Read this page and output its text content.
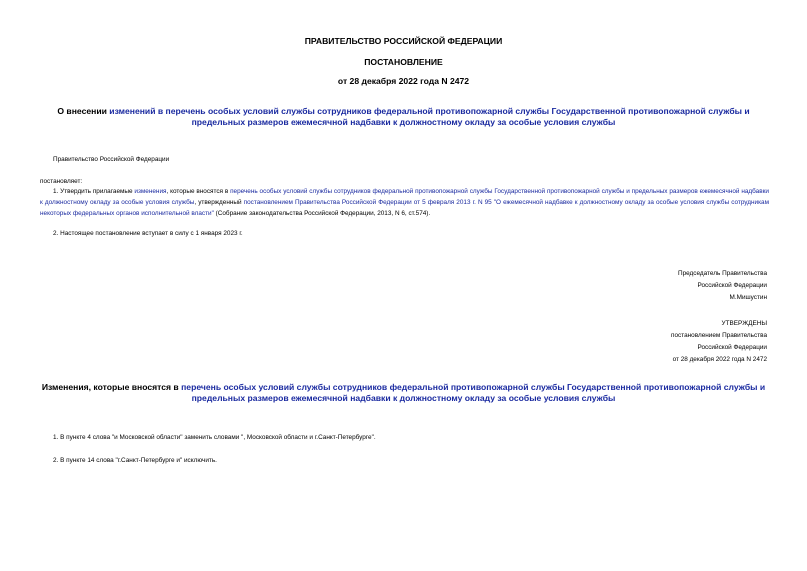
ПРАВИТЕЛЬСТВО РОССИЙСКОЙ ФЕДЕРАЦИИ
ПОСТАНОВЛЕНИЕ
от 28 декабря 2022 года N 2472
О внесении изменений в перечень особых условий службы сотрудников федеральной противопожарной службы Государственной противопожарной службы и предельных размеров ежемесячной надбавки к должностному окладу за особые условия службы
Правительство Российской Федерации
постановляет:
1. Утвердить прилагаемые изменения, которые вносятся в перечень особых условий службы сотрудников федеральной противопожарной службы Государственной противопожарной службы и предельных размеров ежемесячной надбавки к должностному окладу за особые условия службы, утвержденный постановлением Правительства Российской Федерации от 5 февраля 2013 г. N 95 "О ежемесячной надбавке к должностному окладу за особые условия службы сотрудникам некоторых федеральных органов исполнительной власти" (Собрание законодательства Российской Федерации, 2013, N 6, ст.574).
2. Настоящее постановление вступает в силу с 1 января 2023 г.
Председатель Правительства
Российской Федерации
М.Мишустин
УТВЕРЖДЕНЫ
постановлением Правительства
Российской Федерации
от 28 декабря 2022 года N 2472
Изменения, которые вносятся в перечень особых условий службы сотрудников федеральной противопожарной службы Государственной противопожарной службы и предельных размеров ежемесячной надбавки к должностному окладу за особые условия службы
1. В пункте 4 слова "и Московской области" заменить словами ", Московской области и г.Санкт-Петербурге".
2. В пункте 14 слова "г.Санкт-Петербурге и" исключить.
